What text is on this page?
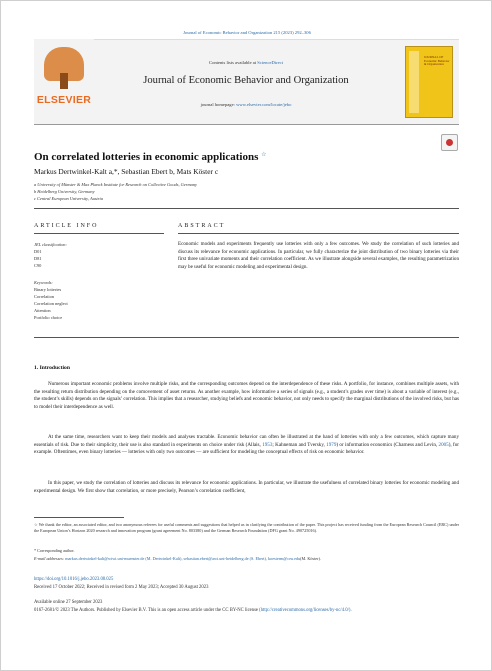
Journal of Economic Behavior and Organization 215 (2023) 292–306
ELSEVIER
Contents lists available at ScienceDirect
Journal of Economic Behavior and Organization
journal homepage: www.elsevier.com/locate/jebo
JOURNAL OF Economic Behavior & Organization
On correlated lotteries in economic applications ☆
Markus Dertwinkel-Kalt a,*, Sebastian Ebert b, Mats Köster c
a University of Münster & Max Planck Institute for Research on Collective Goods, Germany
b Heidelberg University, Germany
c Central European University, Austria
ARTICLE INFO	ABSTRACT
JEL classification:
D01
D81
C90
Keywords:
Binary lotteries
Correlation
Correlation neglect
Attention
Portfolio choice
Economic models and experiments frequently use lotteries with only a few outcomes. We study the correlation of such lotteries and discuss its relevance for economic applications. In particular, we fully characterize the joint distribution of two binary lotteries via their first three univariate moments and their correlation coefficient. As we illustrate alongside several examples, the resulting parametrization may be useful for economic modeling and experimental design.
1. Introduction
Numerous important economic problems involve multiple risks, and the corresponding outcomes depend on the interdependence of these risks. A portfolio, for instance, combines multiple assets, with the resulting return distribution depending on the comovement of asset returns. As another example, how informative a series of signals (e.g., a student’s grades over time) is about a variable of interest (e.g., the student’s skills) depends on the signals’ correlation. This implies that a researcher, studying beliefs and economic behavior, not only needs to specify the marginal distributions of the involved risks, but has to model their interdependence as well.
At the same time, researchers want to keep their models and analyses tractable. Economic behavior can often be illustrated at the hand of lotteries with only a few outcomes, which capture many essentials of risk. Due to their simplicity, their use is also standard in experiments on choice under risk (Allais, 1953; Kahneman and Tversky, 1979) or information economics (Charness and Levin, 2005), for example. Oftentimes, even binary lotteries — lotteries with only two outcomes — are sufficient for modeling the conceptual effects of risk on economic behavior.
In this paper, we study the correlation of lotteries and discuss its relevance for economic applications. In particular, we illustrate the usefulness of correlated binary lotteries for economic modeling and experimental design. We first show that correlation, or more precisely, Pearson’s correlation coefficient,
☆ We thank the editor, an associated editor, and two anonymous referees for useful comments and suggestions that helped us in clarifying the contribution of the paper. This project has received funding from the European Research Council (ERC) under the European Union’s Horizon 2020 research and innovation program (grant agreement No. 803380) and the German Research Foundation (DFG grant No. 490725016).
* Corresponding author.
E-mail addresses: markus.dertwinkel-kalt@wiwi.uni-muenster.de (M. Dertwinkel-Kalt), sebastian.ebert@awi.uni-heidelberg.de (S. Ebert), koesterm@ceu.edu(M. Köster).
https://doi.org/10.1016/j.jebo.2023.08.025
Received 17 October 2022; Received in revised form 2 May 2023; Accepted 30 August 2023
Available online 27 September 2023
0167-2681/© 2023 The Authors. Published by Elsevier B.V. This is an open access article under the CC BY-NC license (http://creativecommons.org/licenses/by-nc/4.0/).
